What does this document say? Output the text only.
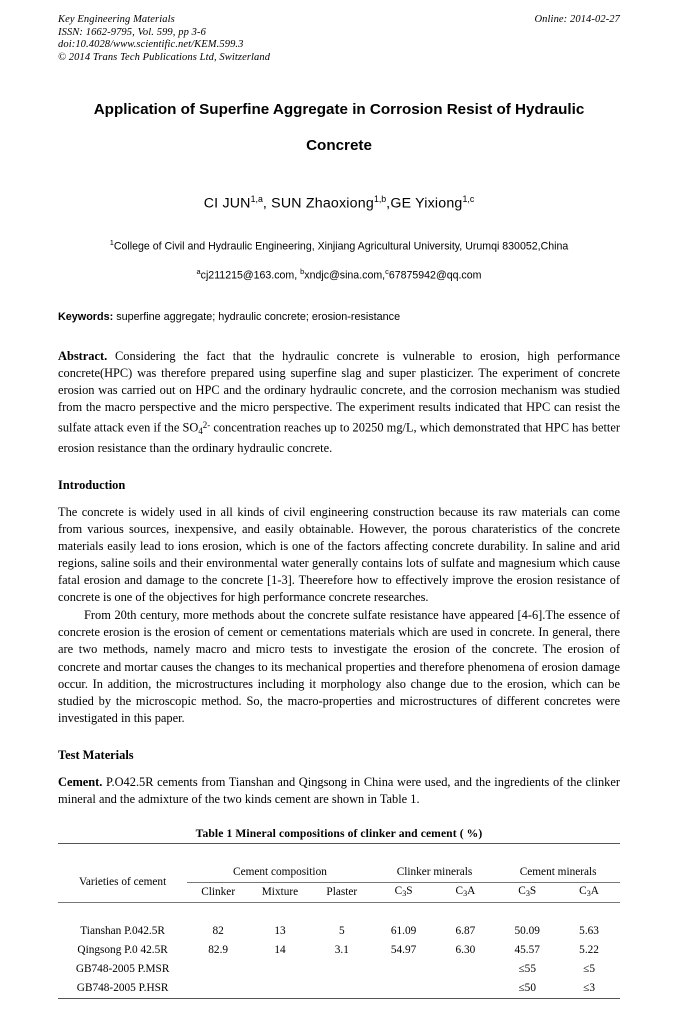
Key Engineering Materials
ISSN: 1662-9795, Vol. 599, pp 3-6
doi:10.4028/www.scientific.net/KEM.599.3
© 2014 Trans Tech Publications Ltd, Switzerland
Online: 2014-02-27
Application of Superfine Aggregate in Corrosion Resist of Hydraulic Concrete
CI JUN$^{1,a}$, SUN Zhaoxiong$^{1,b}$,GE Yixiong$^{1,c}$
$^1$College of Civil and Hydraulic Engineering, Xinjiang Agricultural University, Urumqi 830052,China
$^a$cj211215@163.com, $^b$xndjc@sina.com,$^c$67875942@qq.com
Keywords: superfine aggregate; hydraulic concrete; erosion-resistance

Abstract. Considering the fact that the hydraulic concrete is vulnerable to erosion, high performance concrete(HPC) was therefore prepared using superfine slag and super plasticizer. The experiment of concrete erosion was carried out on HPC and the ordinary hydraulic concrete, and the corrosion mechanism was studied from the macro perspective and the micro perspective. The experiment results indicated that HPC can resist the sulfate attack even if the $SO_4^{2-}$ concentration reaches up to 20250 mg/L, which demonstrated that HPC has better erosion resistance than the ordinary hydraulic concrete.

Introduction

The concrete is widely used in all kinds of civil engineering construction because its raw materials can come from various sources, inexpensive, and easily obtainable. However, the porous charateristics of the concrete materials easily lead to ions erosion, which is one of the factors affecting concrete durability. In saline and arid regions, saline soils and their environmental water generally contains lots of sulfate and magnesium which cause fatal erosion and damage to the concrete [1-3]. Theerefore how to effectively improve the erosion resistance of concrete is one of the objectives for high performance concrete researches.

From 20th century, more methods about the concrete sulfate resistance have appeared [4-6].The essence of concrete erosion is the erosion of cement or cementations materials which are used in concrete. In general, there are two methods, namely macro and micro tests to investigate the erosion of the concrete. The erosion of concrete and mortar causes the changes to its mechanical properties and therefore phenomena of erosion damage occur. In addition, the microstructures including it morphology also change due to the erosion, which can be studied by the microscopic method. So, the macro-properties and microstructures of different concretes were investigated in this paper.

Test Materials

Cement. P.O42.5R cements from Tianshan and Qingsong in China were used, and the ingredients of the clinker mineral and the admixture of the two kinds cement are shown in Table 1.

Table 1 Mineral compositions of clinker and cement ( %)

Varieties of cement	Cement composition			Clinker minerals		Cement minerals	
	Clinker	Mixture	Plaster	$C_3S$	$C_3A$	$C_3S$	$C_3A$

Tianshan P.042.5R	82	13	5	61.09	6.87	50.09	5.63
Qingsong P.0 42.5R	82.9	14	3.1	54.97	6.30	45.57	5.22
GB748-2005 P.MSR						≤55	≤5
GB748-2005 P.HSR						≤50	≤3
